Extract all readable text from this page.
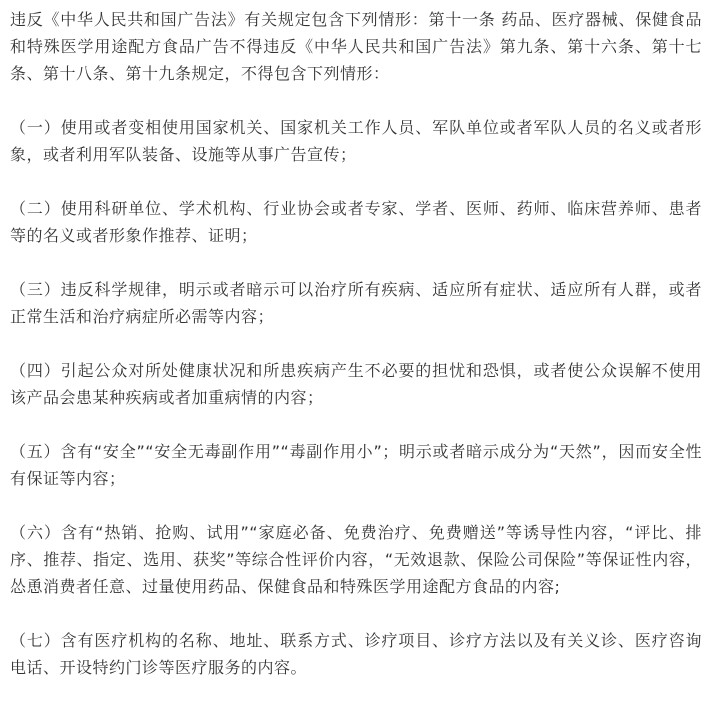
违反《中华人民共和国广告法》有关规定包含下列情形：第十一条 药品、医疗器械、保健食品和特殊医学用途配方食品广告不得违反《中华人民共和国广告法》第九条、第十六条、第十七条、第十八条、第十九条规定，不得包含下列情形：

（一）使用或者变相使用国家机关、国家机关工作人员、军队单位或者军队人员的名义或者形象，或者利用军队装备、设施等从事广告宣传；

（二）使用科研单位、学术机构、行业协会或者专家、学者、医师、药师、临床营养师、患者等的名义或者形象作推荐、证明；

（三）违反科学规律，明示或者暗示可以治疗所有疾病、适应所有症状、适应所有人群，或者正常生活和治疗病症所必需等内容；

（四）引起公众对所处健康状况和所患疾病产生不必要的担忧和恐惧，或者使公众误解不使用该产品会患某种疾病或者加重病情的内容；

（五）含有“安全”“安全无毒副作用”“毒副作用小”；明示或者暗示成分为“天然”，因而安全性有保证等内容；

（六）含有“热销、抢购、试用”“家庭必备、免费治疗、免费赠送”等诱导性内容，“评比、排序、推荐、指定、选用、获奖”等综合性评价内容，“无效退款、保险公司保险”等保证性内容，怂恿消费者任意、过量使用药品、保健食品和特殊医学用途配方食品的内容;

（七）含有医疗机构的名称、地址、联系方式、诊疗项目、诊疗方法以及有关义诊、医疗咨询电话、开设特约门诊等医疗服务的内容。
